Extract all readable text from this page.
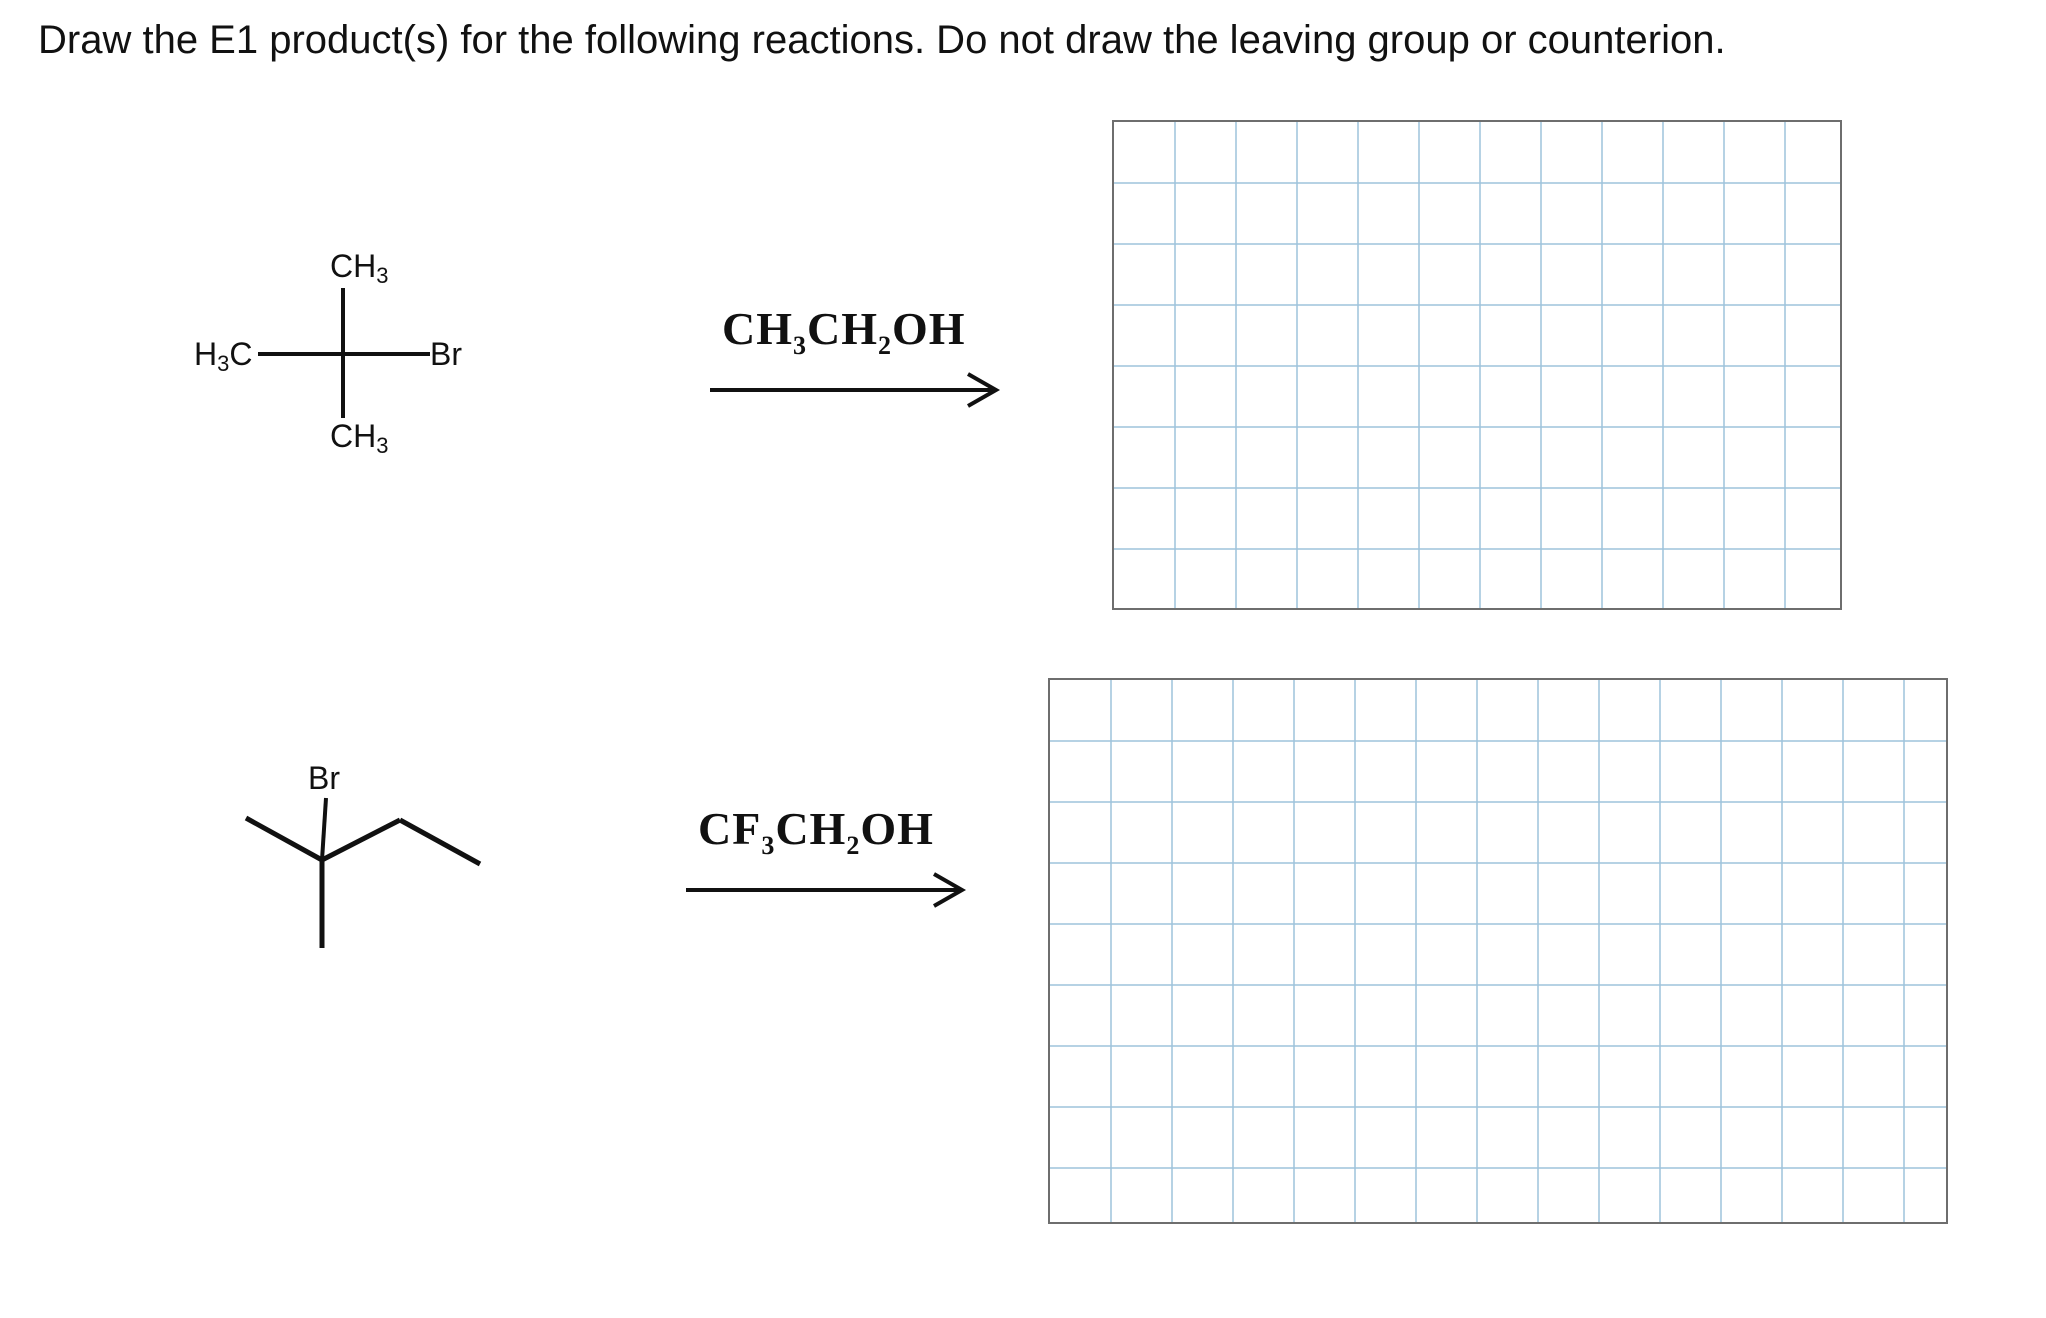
Draw the E1 product(s) for the following reactions. Do not draw the leaving group or counterion.
$CH_3$
$H_3C$	Br
$CH_3$
$CH_3CH_2OH$
Br
$CF_3CH_2OH$
